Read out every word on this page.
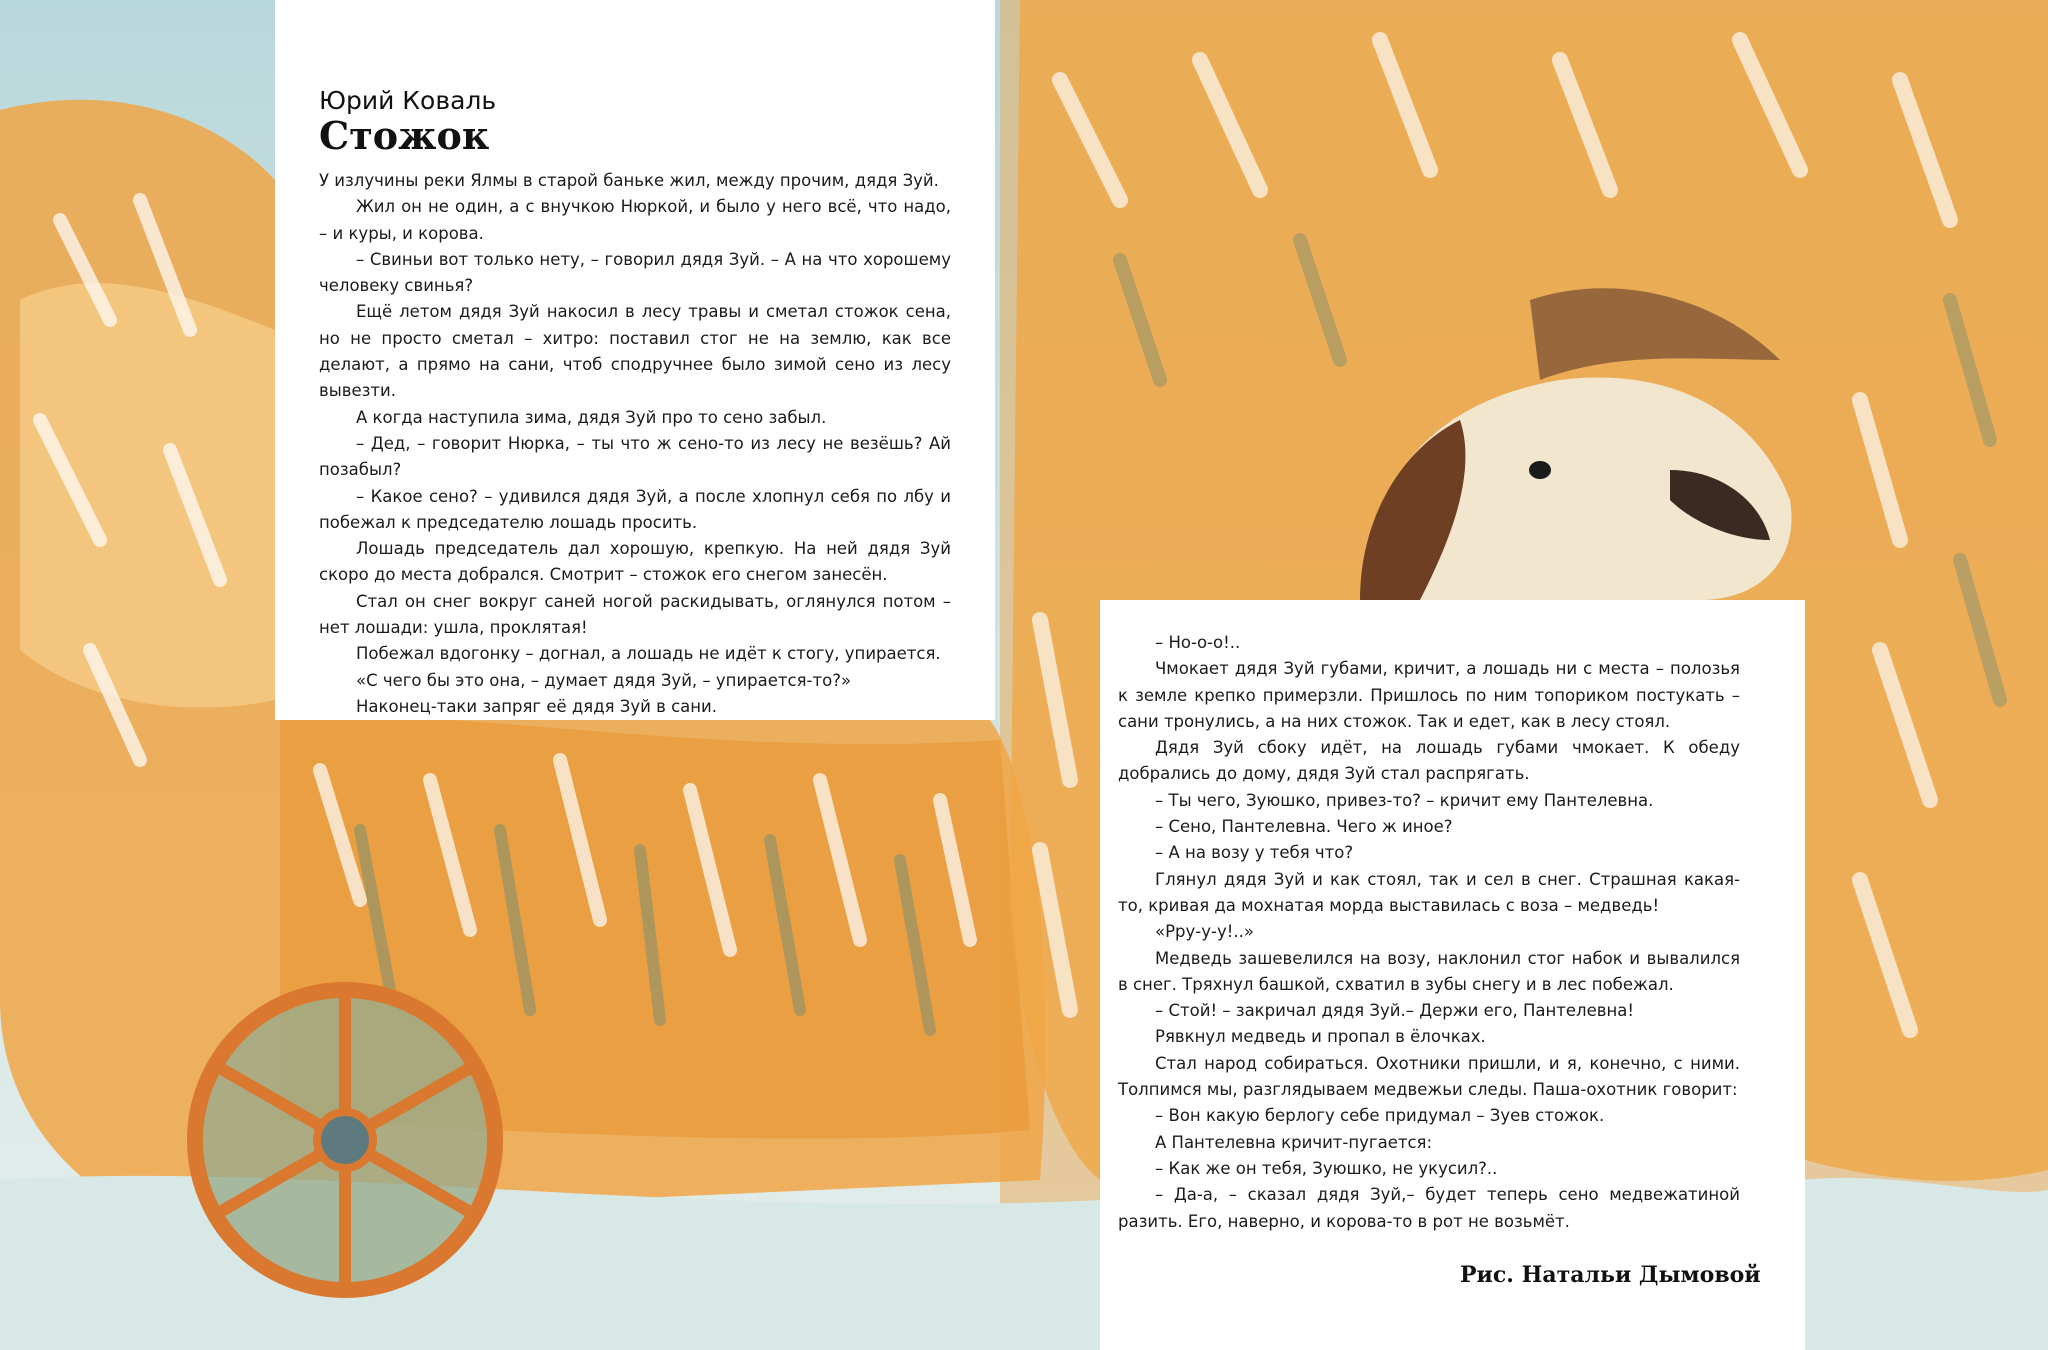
Юрий Коваль
Стожок

У излучины реки Ялмы в старой баньке жил, между прочим, дядя Зуй.

Жил он не один, а с внучкою Нюркой, и было у него всё, что надо, – и куры, и корова.

– Свиньи вот только нету, – говорил дядя Зуй. – А на что хорошему человеку свинья?

Ещё летом дядя Зуй накосил в лесу травы и сметал стожок сена, но не просто сметал – хитро: поставил стог не на землю, как все делают, а прямо на сани, чтоб сподручнее было зимой сено из лесу вывезти.

А когда наступила зима, дядя Зуй про то сено забыл.

– Дед, – говорит Нюрка, – ты что ж сено-то из лесу не везёшь? Ай позабыл?

– Какое сено? – удивился дядя Зуй, а после хлопнул себя по лбу и побежал к председателю лошадь просить.

Лошадь председатель дал хорошую, крепкую. На ней дядя Зуй скоро до места добрался. Смотрит – стожок его снегом занесён.

Стал он снег вокруг саней ногой раскидывать, оглянулся потом – нет лошади: ушла, проклятая!

Побежал вдогонку – догнал, а лошадь не идёт к стогу, упирается.

«С чего бы это она, – думает дядя Зуй, – упирается-то?»

Наконец-таки запряг её дядя Зуй в сани.

– Но-о-о!..

Чмокает дядя Зуй губами, кричит, а лошадь ни с места – полозья к земле крепко примерзли. Пришлось по ним топориком постукать – сани тронулись, а на них стожок. Так и едет, как в лесу стоял.

Дядя Зуй сбоку идёт, на лошадь губами чмокает. К обеду добрались до дому, дядя Зуй стал распрягать.

– Ты чего, Зуюшко, привез-то? – кричит ему Пантелевна.

– Сено, Пантелевна. Чего ж иное?

– А на возу у тебя что?

Глянул дядя Зуй и как стоял, так и сел в снег. Страшная какая-то, кривая да мохнатая морда выставилась с воза – медведь!

«Рру-у-у!..»

Медведь зашевелился на возу, наклонил стог набок и вывалился в снег. Тряхнул башкой, схватил в зубы снегу и в лес побежал.

– Стой! – закричал дядя Зуй.– Держи его, Пантелевна!

Рявкнул медведь и пропал в ёлочках.

Стал народ собираться. Охотники пришли, и я, конечно, с ними. Толпимся мы, разглядываем медвежьи следы. Паша-охотник говорит:

– Вон какую берлогу себе придумал – Зуев стожок.

А Пантелевна кричит-пугается:

– Как же он тебя, Зуюшко, не укусил?..

– Да-а, – сказал дядя Зуй,– будет теперь сено медвежатиной разить. Его, наверно, и корова-то в рот не возьмёт.

Рис. Натальи Дымовой
